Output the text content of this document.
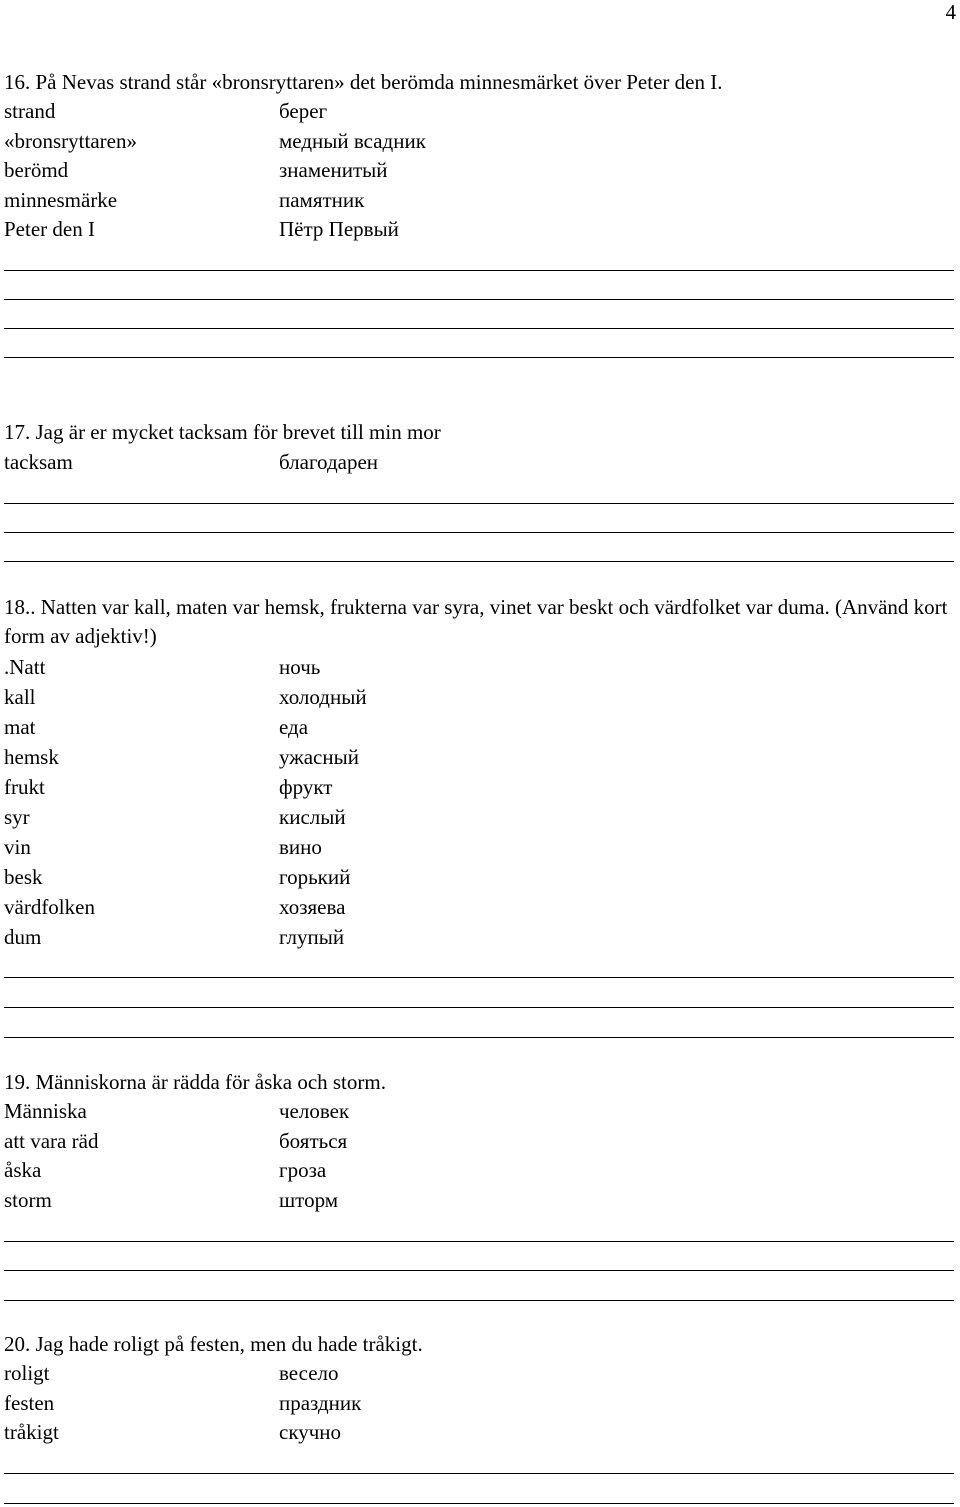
4
16. På Nevas strand står «bronsryttaren» det berömda minnesmärket över Peter den I.
strand	берег
«bronsryttaren»	медный всадник
berömd	знаменитый
minnesmärke	памятник
Peter den I	Пётр Первый
17. Jag är er mycket tacksam för brevet till min mor
tacksam	благодарен
18.. Natten var kall, maten var hemsk, frukterna var syra, vinet var beskt och värdfolket var duma. (Använd kort form av adjektiv!)
.Natt	ночь
kall	холодный
mat	еда
hemsk	ужасный
frukt	фрукт
syr	кислый
vin	вино
besk	горький
värdfolken	хозяева
dum	глупый
19. Människorna är rädda för åska och storm.
Människa	человек
att vara räd	бояться
åska	гроза
storm	шторм
20. Jag hade roligt på festen, men du hade tråkigt.
roligt	весело
festen	праздник
tråkigt	скучно
